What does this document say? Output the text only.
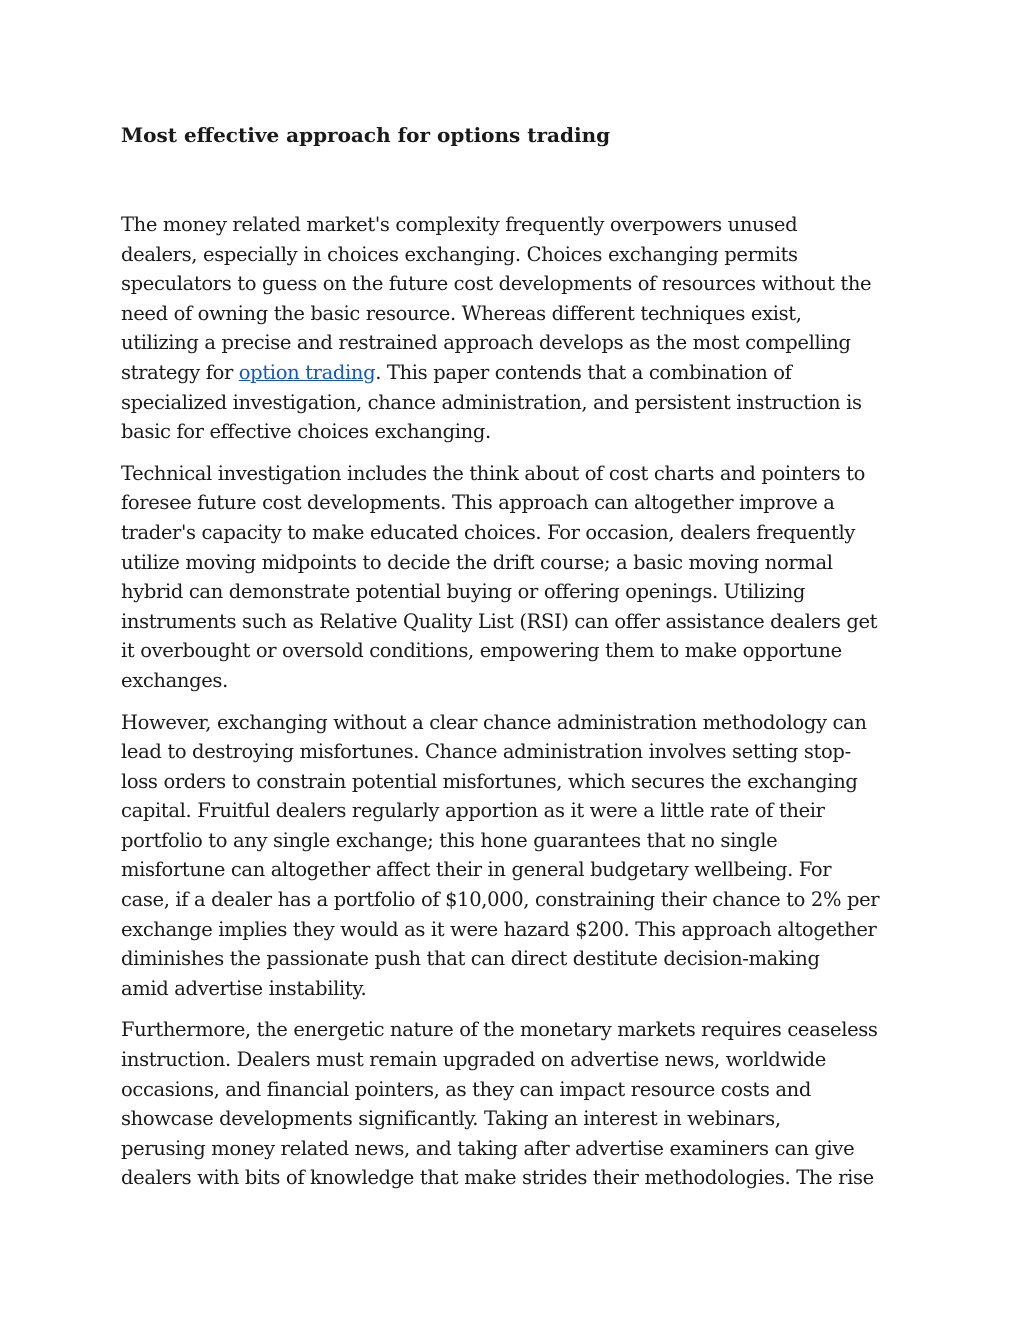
Most effective approach for options trading

The money related market's complexity frequently overpowers unused
dealers, especially in choices exchanging. Choices exchanging permits
speculators to guess on the future cost developments of resources without the
need of owning the basic resource. Whereas different techniques exist,
utilizing a precise and restrained approach develops as the most compelling
strategy for option trading. This paper contends that a combination of
specialized investigation, chance administration, and persistent instruction is
basic for effective choices exchanging.

Technical investigation includes the think about of cost charts and pointers to
foresee future cost developments. This approach can altogether improve a
trader's capacity to make educated choices. For occasion, dealers frequently
utilize moving midpoints to decide the drift course; a basic moving normal
hybrid can demonstrate potential buying or offering openings. Utilizing
instruments such as Relative Quality List (RSI) can offer assistance dealers get
it overbought or oversold conditions, empowering them to make opportune
exchanges.

However, exchanging without a clear chance administration methodology can
lead to destroying misfortunes. Chance administration involves setting stop-
loss orders to constrain potential misfortunes, which secures the exchanging
capital. Fruitful dealers regularly apportion as it were a little rate of their
portfolio to any single exchange; this hone guarantees that no single
misfortune can altogether affect their in general budgetary wellbeing. For
case, if a dealer has a portfolio of $10,000, constraining their chance to 2% per
exchange implies they would as it were hazard $200. This approach altogether
diminishes the passionate push that can direct destitute decision-making
amid advertise instability.

Furthermore, the energetic nature of the monetary markets requires ceaseless
instruction. Dealers must remain upgraded on advertise news, worldwide
occasions, and financial pointers, as they can impact resource costs and
showcase developments significantly. Taking an interest in webinars,
perusing money related news, and taking after advertise examiners can give
dealers with bits of knowledge that make strides their methodologies. The rise
